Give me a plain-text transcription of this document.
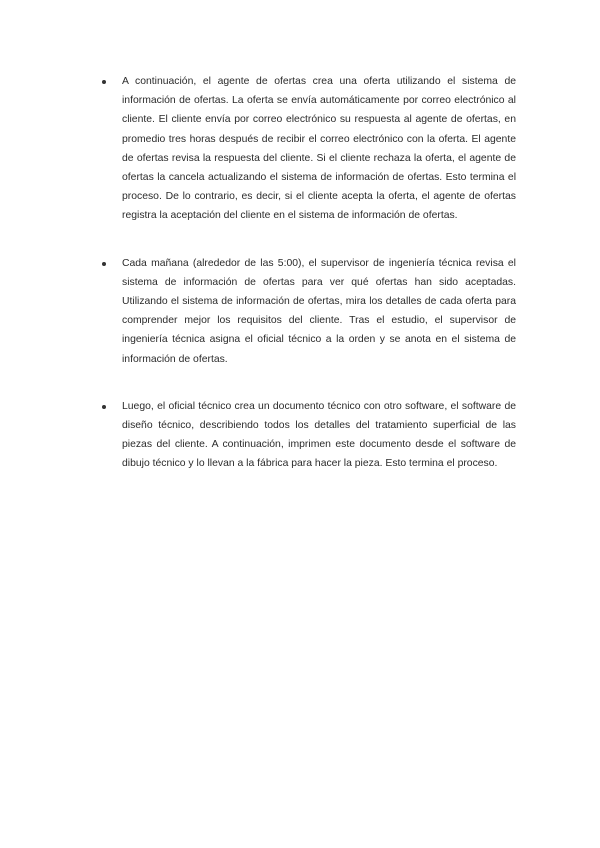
A continuación, el agente de ofertas crea una oferta utilizando el sistema de información de ofertas. La oferta se envía automáticamente por correo electrónico al cliente. El cliente envía por correo electrónico su respuesta al agente de ofertas, en promedio tres horas después de recibir el correo electrónico con la oferta. El agente de ofertas revisa la respuesta del cliente. Si el cliente rechaza la oferta, el agente de ofertas la cancela actualizando el sistema de información de ofertas. Esto termina el proceso. De lo contrario, es decir, si el cliente acepta la oferta, el agente de ofertas registra la aceptación del cliente en el sistema de información de ofertas.
Cada mañana (alrededor de las 5:00), el supervisor de ingeniería técnica revisa el sistema de información de ofertas para ver qué ofertas han sido aceptadas. Utilizando el sistema de información de ofertas, mira los detalles de cada oferta para comprender mejor los requisitos del cliente. Tras el estudio, el supervisor de ingeniería técnica asigna el oficial técnico a la orden y se anota en el sistema de información de ofertas.
Luego, el oficial técnico crea un documento técnico con otro software, el software de diseño técnico, describiendo todos los detalles del tratamiento superficial de las piezas del cliente. A continuación, imprimen este documento desde el software de dibujo técnico y lo llevan a la fábrica para hacer la pieza. Esto termina el proceso.
